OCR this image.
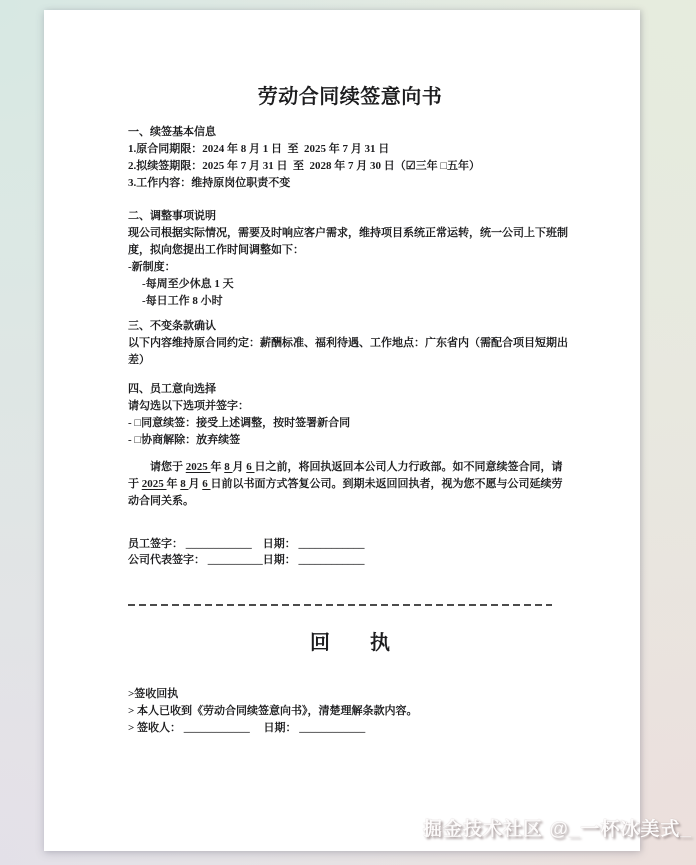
劳动合同续签意向书
一、续签基本信息
1.原合同期限：2024 年 8 月 1 日  至  2025 年 7 月 31 日
2.拟续签期限：2025 年 7 月 31 日  至  2028 年 7 月 30 日（☑三年 □五年）
3.工作内容：维持原岗位职责不变
二、调整事项说明
现公司根据实际情况，需要及时响应客户需求，维持项目系统正常运转，统一公司上下班制度，拟向您提出工作时间调整如下：
-新制度：
-每周至少休息 1 天
-每日工作 8 小时
三、不变条款确认
以下内容维持原合同约定：薪酬标准、福利待遇、工作地点：广东省内（需配合项目短期出差）
四、员工意向选择
请勾选以下选项并签字：
- □同意续签：接受上述调整，按时签署新合同
- □协商解除：放弃续签

请您于 2025 年 8 月 6 日之前，将回执返回本公司人力行政部。如不同意续签合同，请于 2025 年 8 月 6 日前以书面方式答复公司。到期未返回回执者，视为您不愿与公司延续劳动合同关系。

员工签字： ____________　日期： ____________
公司代表签字： __________日期： ____________
回　　执
>签收回执
> 本人已收到《劳动合同续签意向书》，清楚理解条款内容。
> 签收人： ____________　 日期： ____________
掘金技术社区 @_一杯冰美式_
